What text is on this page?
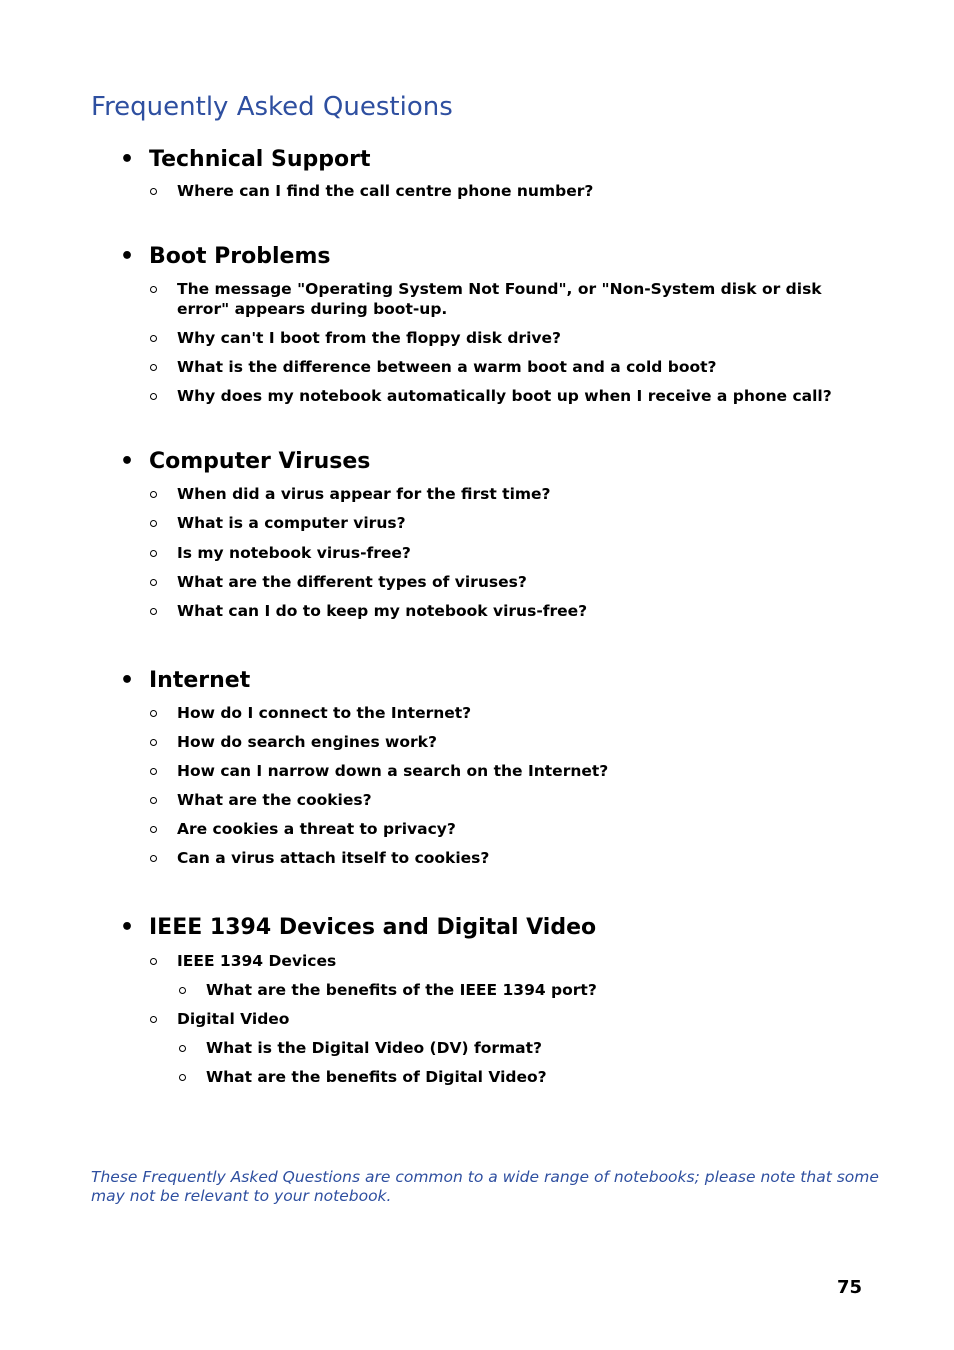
Frequently Asked Questions
• Technical Support
Where can I find the call centre phone number?
• Boot Problems
The message "Operating System Not Found", or "Non-System disk or disk error" appears during boot-up.
Why can't I boot from the floppy disk drive?
What is the difference between a warm boot and a cold boot?
Why does my notebook automatically boot up when I receive a phone call?
• Computer Viruses
When did a virus appear for the first time?
What is a computer virus?
Is my notebook virus-free?
What are the different types of viruses?
What can I do to keep my notebook virus-free?
• Internet
How do I connect to the Internet?
How do search engines work?
How can I narrow down a search on the Internet?
What are the cookies?
Are cookies a threat to privacy?
Can a virus attach itself to cookies?
• IEEE 1394 Devices and Digital Video
IEEE 1394 Devices
What are the benefits of the IEEE 1394 port?
Digital Video
What is the Digital Video (DV) format?
What are the benefits of Digital Video?

These Frequently Asked Questions are common to a wide range of notebooks; please note that some may not be relevant to your notebook.

75
